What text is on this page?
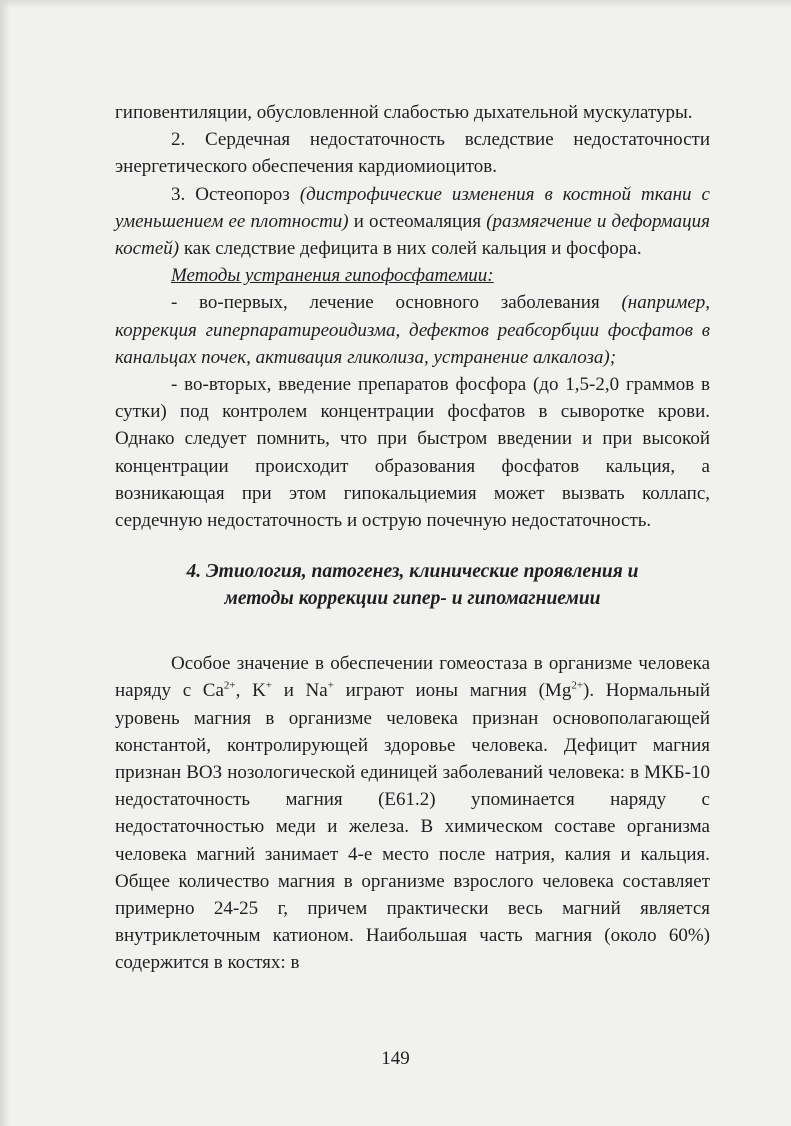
гиповентиляции, обусловленной слабостью дыхательной мускулатуры.

2. Сердечная недостаточность вследствие недостаточности энергетического обеспечения кардиомиоцитов.

3. Остеопороз (дистрофические изменения в костной ткани с уменьшением ее плотности) и остеомаляция (размягчение и деформация костей) как следствие дефицита в них солей кальция и фосфора.

Методы устранения гипофосфатемии:

- во-первых, лечение основного заболевания (например, коррекция гиперпаратиреоидизма, дефектов реабсорбции фосфатов в канальцах почек, активация гликолиза, устранение алкалоза);

- во-вторых, введение препаратов фосфора (до 1,5-2,0 граммов в сутки) под контролем концентрации фосфатов в сыворотке крови. Однако следует помнить, что при быстром введении и при высокой концентрации происходит образования фосфатов кальция, а возникающая при этом гипокальциемия может вызвать коллапс, сердечную недостаточность и острую почечную недостаточность.

4. Этиология, патогенез, клинические проявления и
методы коррекции гипер- и гипомагниемии

Особое значение в обеспечении гомеостаза в организме человека наряду с $Ca^{2+}$, K+ и Na+ играют ионы магния $(Mg^{2+})$. Нормальный уровень магния в организме человека признан основополагающей константой, контролирующей здоровье человека. Дефицит магния признан ВОЗ нозологической единицей заболеваний человека: в МКБ-10 недостаточность магния (E61.2) упоминается наряду с недостаточностью меди и железа. В химическом составе организма человека магний занимает 4-е место после натрия, калия и кальция. Общее количество магния в организме взрослого человека составляет примерно 24-25 г, причем практически весь магний является внутриклеточным катионом. Наибольшая часть магния (около 60%) содержится в костях: в

149
